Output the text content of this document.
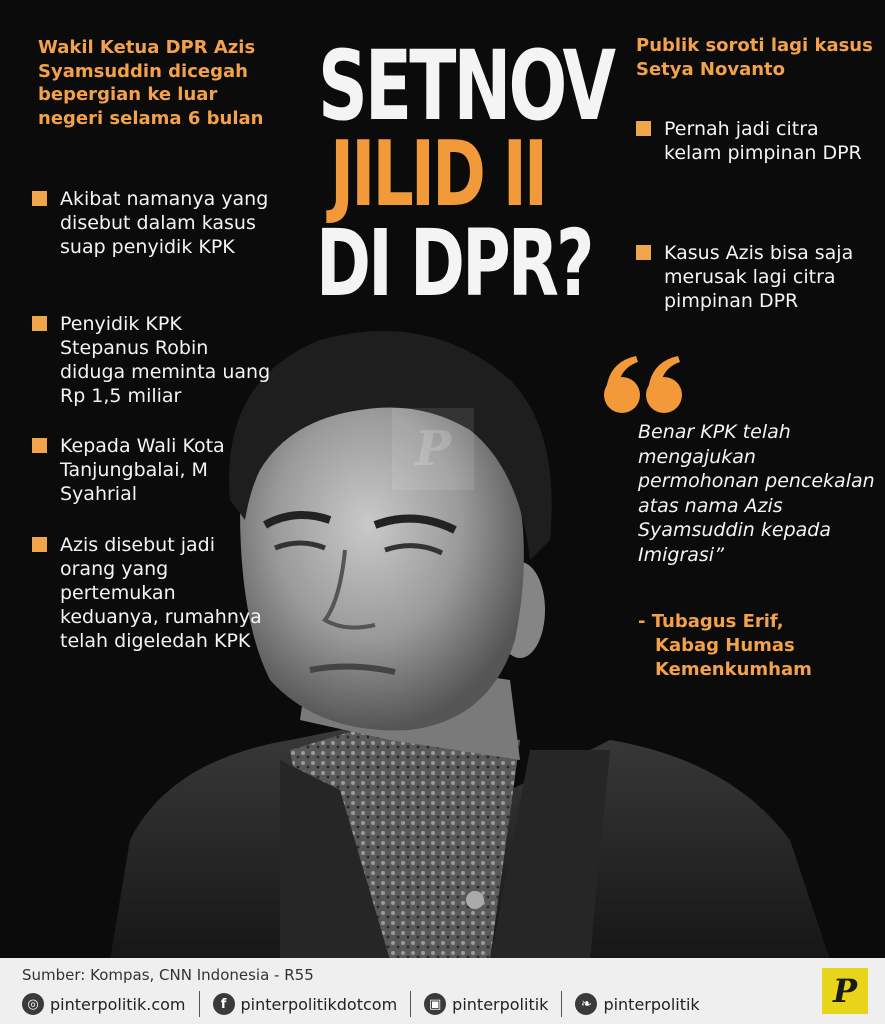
P
SETNOV
JILID II
DI DPR?
Wakil Ketua DPR Azis Syamsuddin dicegah bepergian ke luar negeri selama 6 bulan
Akibat namanya yang disebut dalam kasus suap penyidik KPK
Penyidik KPK Stepanus Robin diduga meminta uang Rp 1,5 miliar
Kepada Wali Kota Tanjungbalai, M Syahrial
Azis disebut jadi orang yang pertemukan keduanya, rumahnya telah digeledah KPK
Publik soroti lagi kasus Setya Novanto
Pernah jadi citra kelam pimpinan DPR
Kasus Azis bisa saja merusak lagi citra pimpinan DPR
Benar KPK telah mengajukan permohonan pencekalan atas nama Azis Syamsuddin kepada Imigrasi”
- Tubagus Erif,
Kabag Humas
Kemenkumham
Sumber: Kompas, CNN Indonesia - R55
◎ pinterpolitik.com	f pinterpolitikdotcom	▣ pinterpolitik	❧ pinterpolitik	P
